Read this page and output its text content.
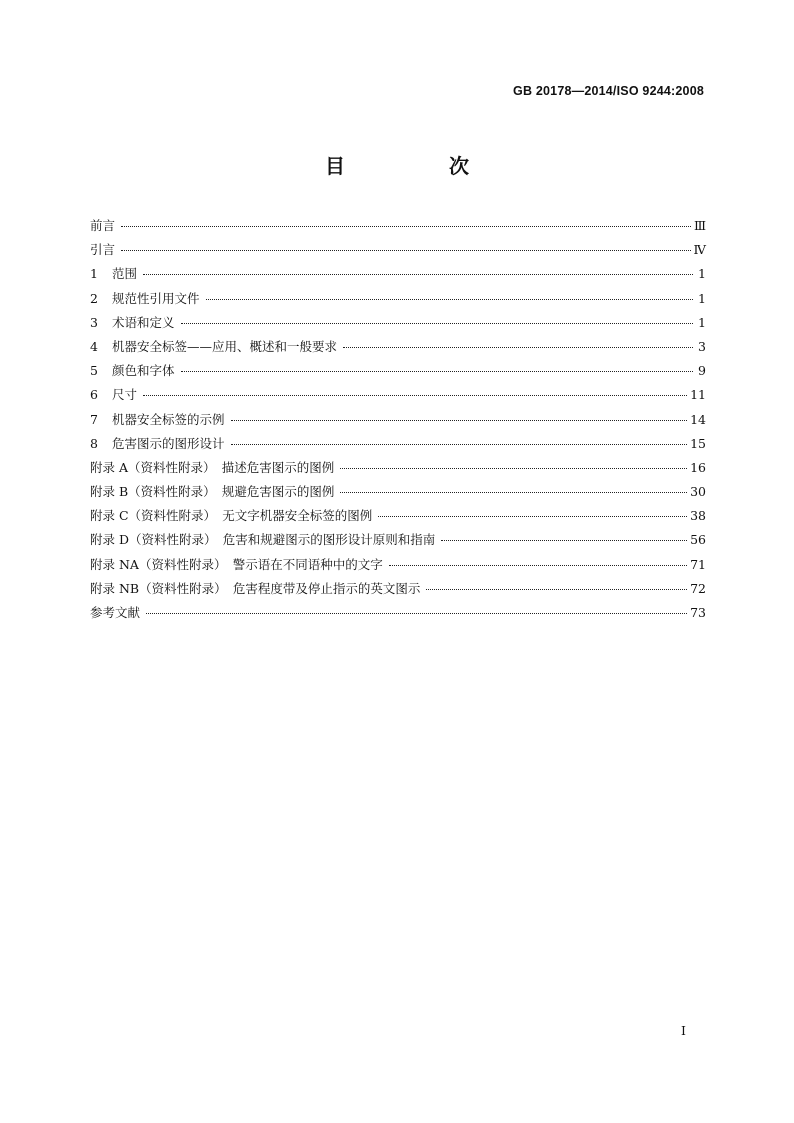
GB 20178—2014/ISO 9244:2008
目　次
前言	Ⅲ
引言	Ⅳ
1	范围	1
2	规范性引用文件	1
3	术语和定义	1
4	机器安全标签——应用、概述和一般要求	3
5	颜色和字体	9
6	尺寸	11
7	机器安全标签的示例	14
8	危害图示的图形设计	15
附录 A（资料性附录）　描述危害图示的图例	16
附录 B（资料性附录）　规避危害图示的图例	30
附录 C（资料性附录）　无文字机器安全标签的图例	38
附录 D（资料性附录）　危害和规避图示的图形设计原则和指南	56
附录 NA（资料性附录）　警示语在不同语种中的文字	71
附录 NB（资料性附录）　危害程度带及停止指示的英文图示	72
参考文献	73
Ⅰ
